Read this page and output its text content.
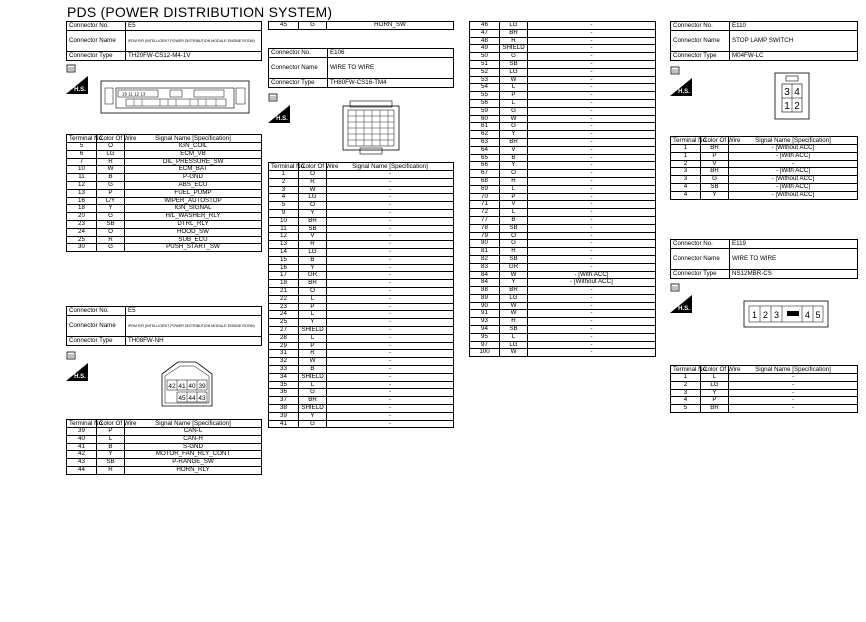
PDS (POWER DISTRIBUTION SYSTEM)
Connector No.	E5
Connector Name	IPDM E/R (INTELLIGENT POWER DISTRIBUTION MODULE ENGINE ROOM)
Connector Type	TH20FW-CS12-M4-1V
H.S.
19 11 12 13
Terminal No.	Color Of Wire	Signal Name [Specification]
5	O	IGN_COIL
6	LG	ECM_VB
7	R	OIL_PRESSURE_SW
10	W	ECM_BAT
11	B	P-GND
12	G	ABS_ECU
13	P	FUEL_PUMP
16	L/Y	WIPER_AUTOSTOP
18	Y	IGN_SIGNAL
20	G	H/L_WASHER_RLY
23	SB	DTRL_RLY
24	O	HOOD_SW
25	R	SUB_ECU
30	G	PUSH_START_SW
Connector No.	E5
Connector Name	IPDM E/R (INTELLIGENT POWER DISTRIBUTION MODULE ENGINE ROOM)
Connector Type	TH08FW-NH
H.S.
42 41 40 39
45 44 43
Terminal No.	Color Of Wire	Signal Name [Specification]
39	P	CAN-L
40	L	CAN-H
41	B	S-GND
42	Y	MOTOR_FAN_RLY_CONT
43	SB	P-RANGE_SW
44	R	HORN_RLY
45	G	HORN_SW
Connector No.	E106
Connector Name	WIRE TO WIRE
Connector Type	TH80FW-CS16-TM4
H.S.
Terminal No.	Color Of Wire	Signal Name [Specification]
1	O	-
2	R	-
3	W	-
4	LG	-
5	O	-
9	Y	-
10	BR	-
11	SB	-
12	V	-
13	R	-
14	LG	-
15	B	-
16	Y	-
17	GR	-
18	BR	-
21	O	-
22	L	-
23	P	-
24	L	-
25	Y	-
27	SHIELD	-
28	L	-
29	P	-
31	R	-
32	W	-
33	B	-
34	SHIELD	-
35	L	-
36	G	-
37	BR	-
38	SHIELD	-
39	Y	-
41	G	-
46	LG	-
47	BR	-
48	R	-
49	SHIELD	-
50	G	-
51	SB	-
52	LG	-
53	W	-
54	L	-
55	P	-
56	L	-
59	G	-
60	W	-
61	G	-
62	Y	-
63	BR	-
64	V	-
65	B	-
66	Y	-
67	O	-
68	R	-
69	L	-
70	P	-
71	V	-
72	L	-
77	B	-
78	SB	-
79	O	-
80	G	-
81	R	-
82	SB	-
83	GR	-
84	W	- [With ACC]
84	Y	- [Without ACC]
88	BR	-
89	LG	-
90	W	-
91	W	-
93	R	-
94	SB	-
95	L	-
97	LG	-
100	W	-
Connector No.	E110
Connector Name	STOP LAMP SWITCH
Connector Type	M04FW-LC
H.S.	3 4
1 2
Terminal No.	Color Of Wire	Signal Name [Specification]
1	BR	- [Without ACC]
1	P	- [With ACC]
2	V	-
3	BR	- [With ACC]
3	G	- [Without ACC]
4	SB	- [With ACC]
4	Y	- [Without ACC]
Connector No.	E119
Connector Name	WIRE TO WIRE
Connector Type	NS12MBR-CS
H.S.
1 2 3	4 5
Terminal No.	Color Of Wire	Signal Name [Specification]
1	L	-
2	LG	-
3	Y	-
4	P	-
5	BR	-
